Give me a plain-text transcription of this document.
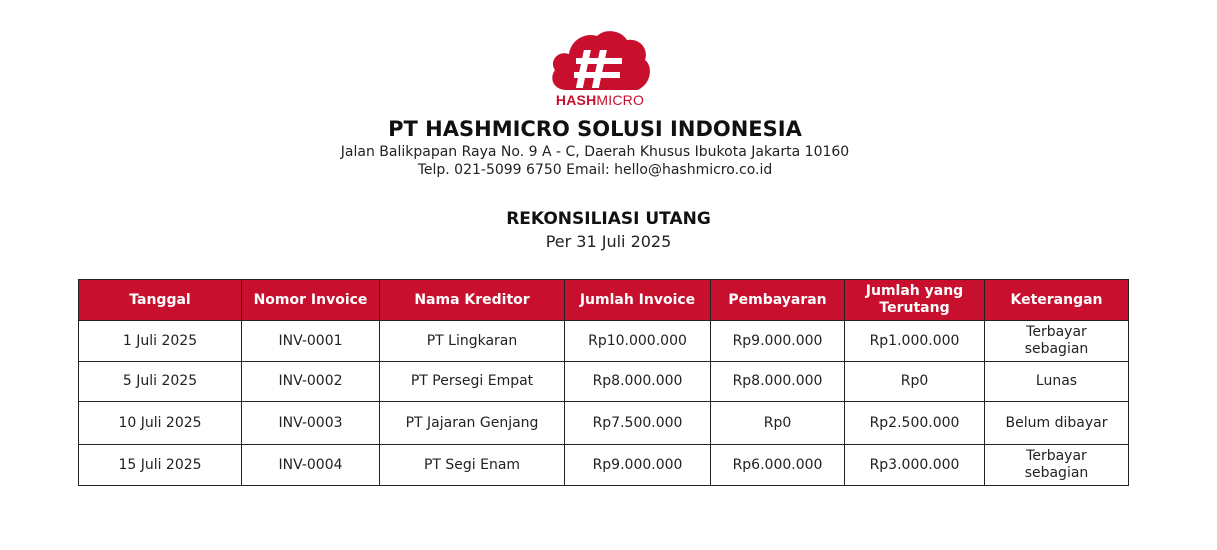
HASHMICRO
PT HASHMICRO SOLUSI INDONESIA
Jalan Balikpapan Raya No. 9 A - C, Daerah Khusus Ibukota Jakarta 10160
Telp. 021-5099 6750 Email: hello@hashmicro.co.id
REKONSILIASI UTANG
Per 31 Juli 2025
Tanggal	Nomor Invoice	Nama Kreditor	Jumlah Invoice	Pembayaran	Jumlah yang Terutang	Keterangan
1 Juli 2025	INV-0001	PT Lingkaran	Rp10.000.000	Rp9.000.000	Rp1.000.000	Terbayar sebagian
5 Juli 2025	INV-0002	PT Persegi Empat	Rp8.000.000	Rp8.000.000	Rp0	Lunas
10 Juli 2025	INV-0003	PT Jajaran Genjang	Rp7.500.000	Rp0	Rp2.500.000	Belum dibayar
15 Juli 2025	INV-0004	PT Segi Enam	Rp9.000.000	Rp6.000.000	Rp3.000.000	Terbayar sebagian
